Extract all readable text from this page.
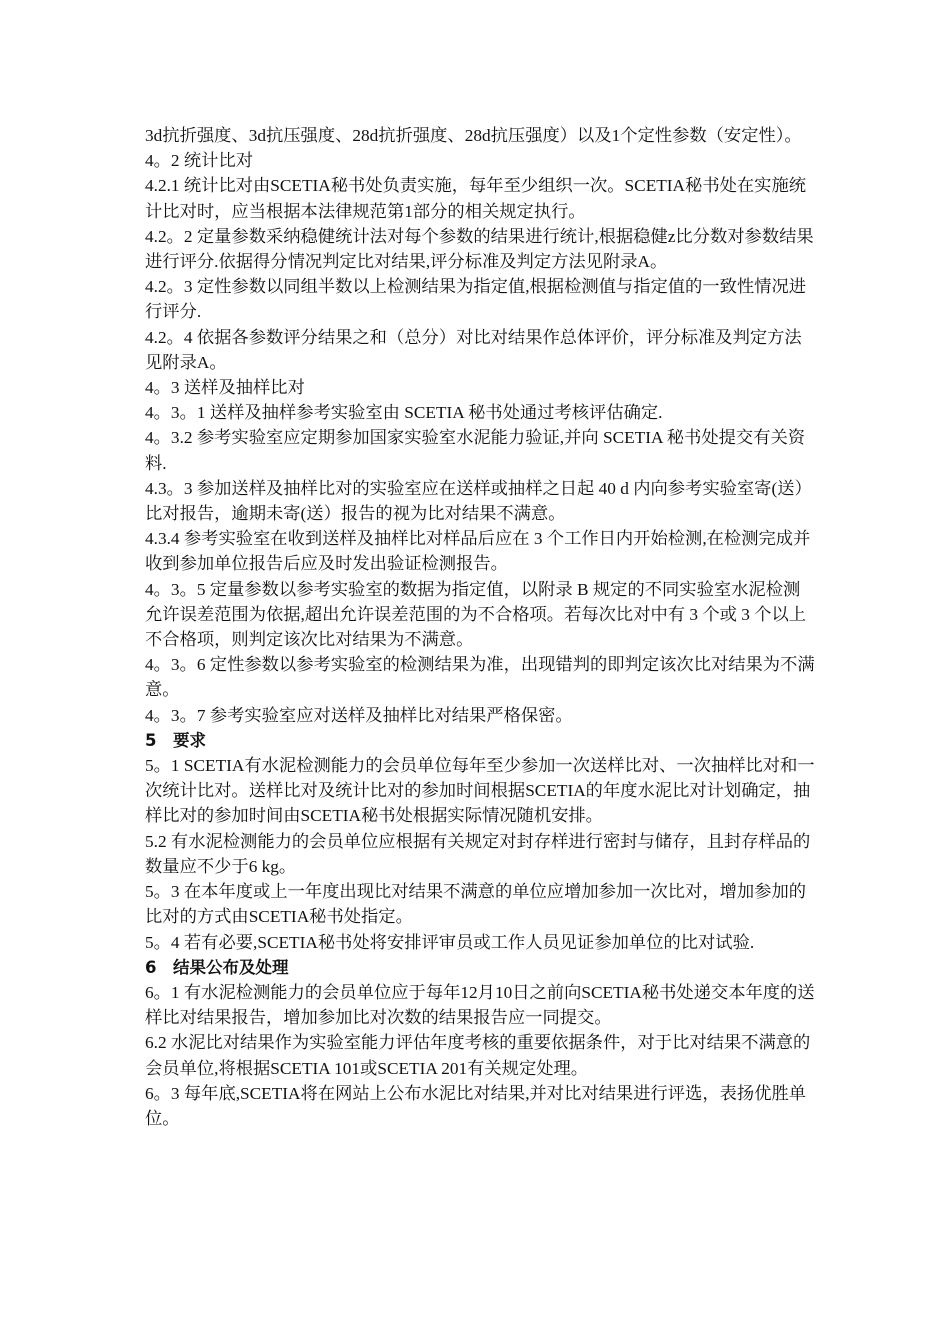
3d抗折强度、3d抗压强度、28d抗折强度、28d抗压强度）以及1个定性参数（安定性）。

4。2 统计比对

4.2.1 统计比对由SCETIA秘书处负责实施，每年至少组织一次。SCETIA秘书处在实施统计比对时，应当根据本法律规范第1部分的相关规定执行。

4.2。2 定量参数采纳稳健统计法对每个参数的结果进行统计,根据稳健z比分数对参数结果进行评分.依据得分情况判定比对结果,评分标准及判定方法见附录A。

4.2。3 定性参数以同组半数以上检测结果为指定值,根据检测值与指定值的一致性情况进行评分.

4.2。4 依据各参数评分结果之和（总分）对比对结果作总体评价，评分标准及判定方法见附录A。

4。3 送样及抽样比对

4。3。1 送样及抽样参考实验室由 SCETIA 秘书处通过考核评估确定.

4。3.2 参考实验室应定期参加国家实验室水泥能力验证,并向 SCETIA 秘书处提交有关资料.

4.3。3 参加送样及抽样比对的实验室应在送样或抽样之日起 40 d 内向参考实验室寄(送）比对报告，逾期未寄(送）报告的视为比对结果不满意。

4.3.4 参考实验室在收到送样及抽样比对样品后应在 3 个工作日内开始检测,在检测完成并收到参加单位报告后应及时发出验证检测报告。

4。3。5 定量参数以参考实验室的数据为指定值，以附录 B 规定的不同实验室水泥检测允许误差范围为依据,超出允许误差范围的为不合格项。若每次比对中有 3 个或 3 个以上不合格项，则判定该次比对结果为不满意。

4。3。6 定性参数以参考实验室的检测结果为准，出现错判的即判定该次比对结果为不满意。

4。3。7 参考实验室应对送样及抽样比对结果严格保密。

5 要求

5。1 SCETIA有水泥检测能力的会员单位每年至少参加一次送样比对、一次抽样比对和一次统计比对。送样比对及统计比对的参加时间根据SCETIA的年度水泥比对计划确定，抽样比对的参加时间由SCETIA秘书处根据实际情况随机安排。

5.2 有水泥检测能力的会员单位应根据有关规定对封存样进行密封与储存，且封存样品的数量应不少于6 kg。

5。3 在本年度或上一年度出现比对结果不满意的单位应增加参加一次比对，增加参加的比对的方式由SCETIA秘书处指定。

5。4 若有必要,SCETIA秘书处将安排评审员或工作人员见证参加单位的比对试验.

6 结果公布及处理

6。1 有水泥检测能力的会员单位应于每年12月10日之前向SCETIA秘书处递交本年度的送样比对结果报告，增加参加比对次数的结果报告应一同提交。

6.2 水泥比对结果作为实验室能力评估年度考核的重要依据条件，对于比对结果不满意的会员单位,将根据SCETIA 101或SCETIA 201有关规定处理。

6。3 每年底,SCETIA将在网站上公布水泥比对结果,并对比对结果进行评选，表扬优胜单位。
